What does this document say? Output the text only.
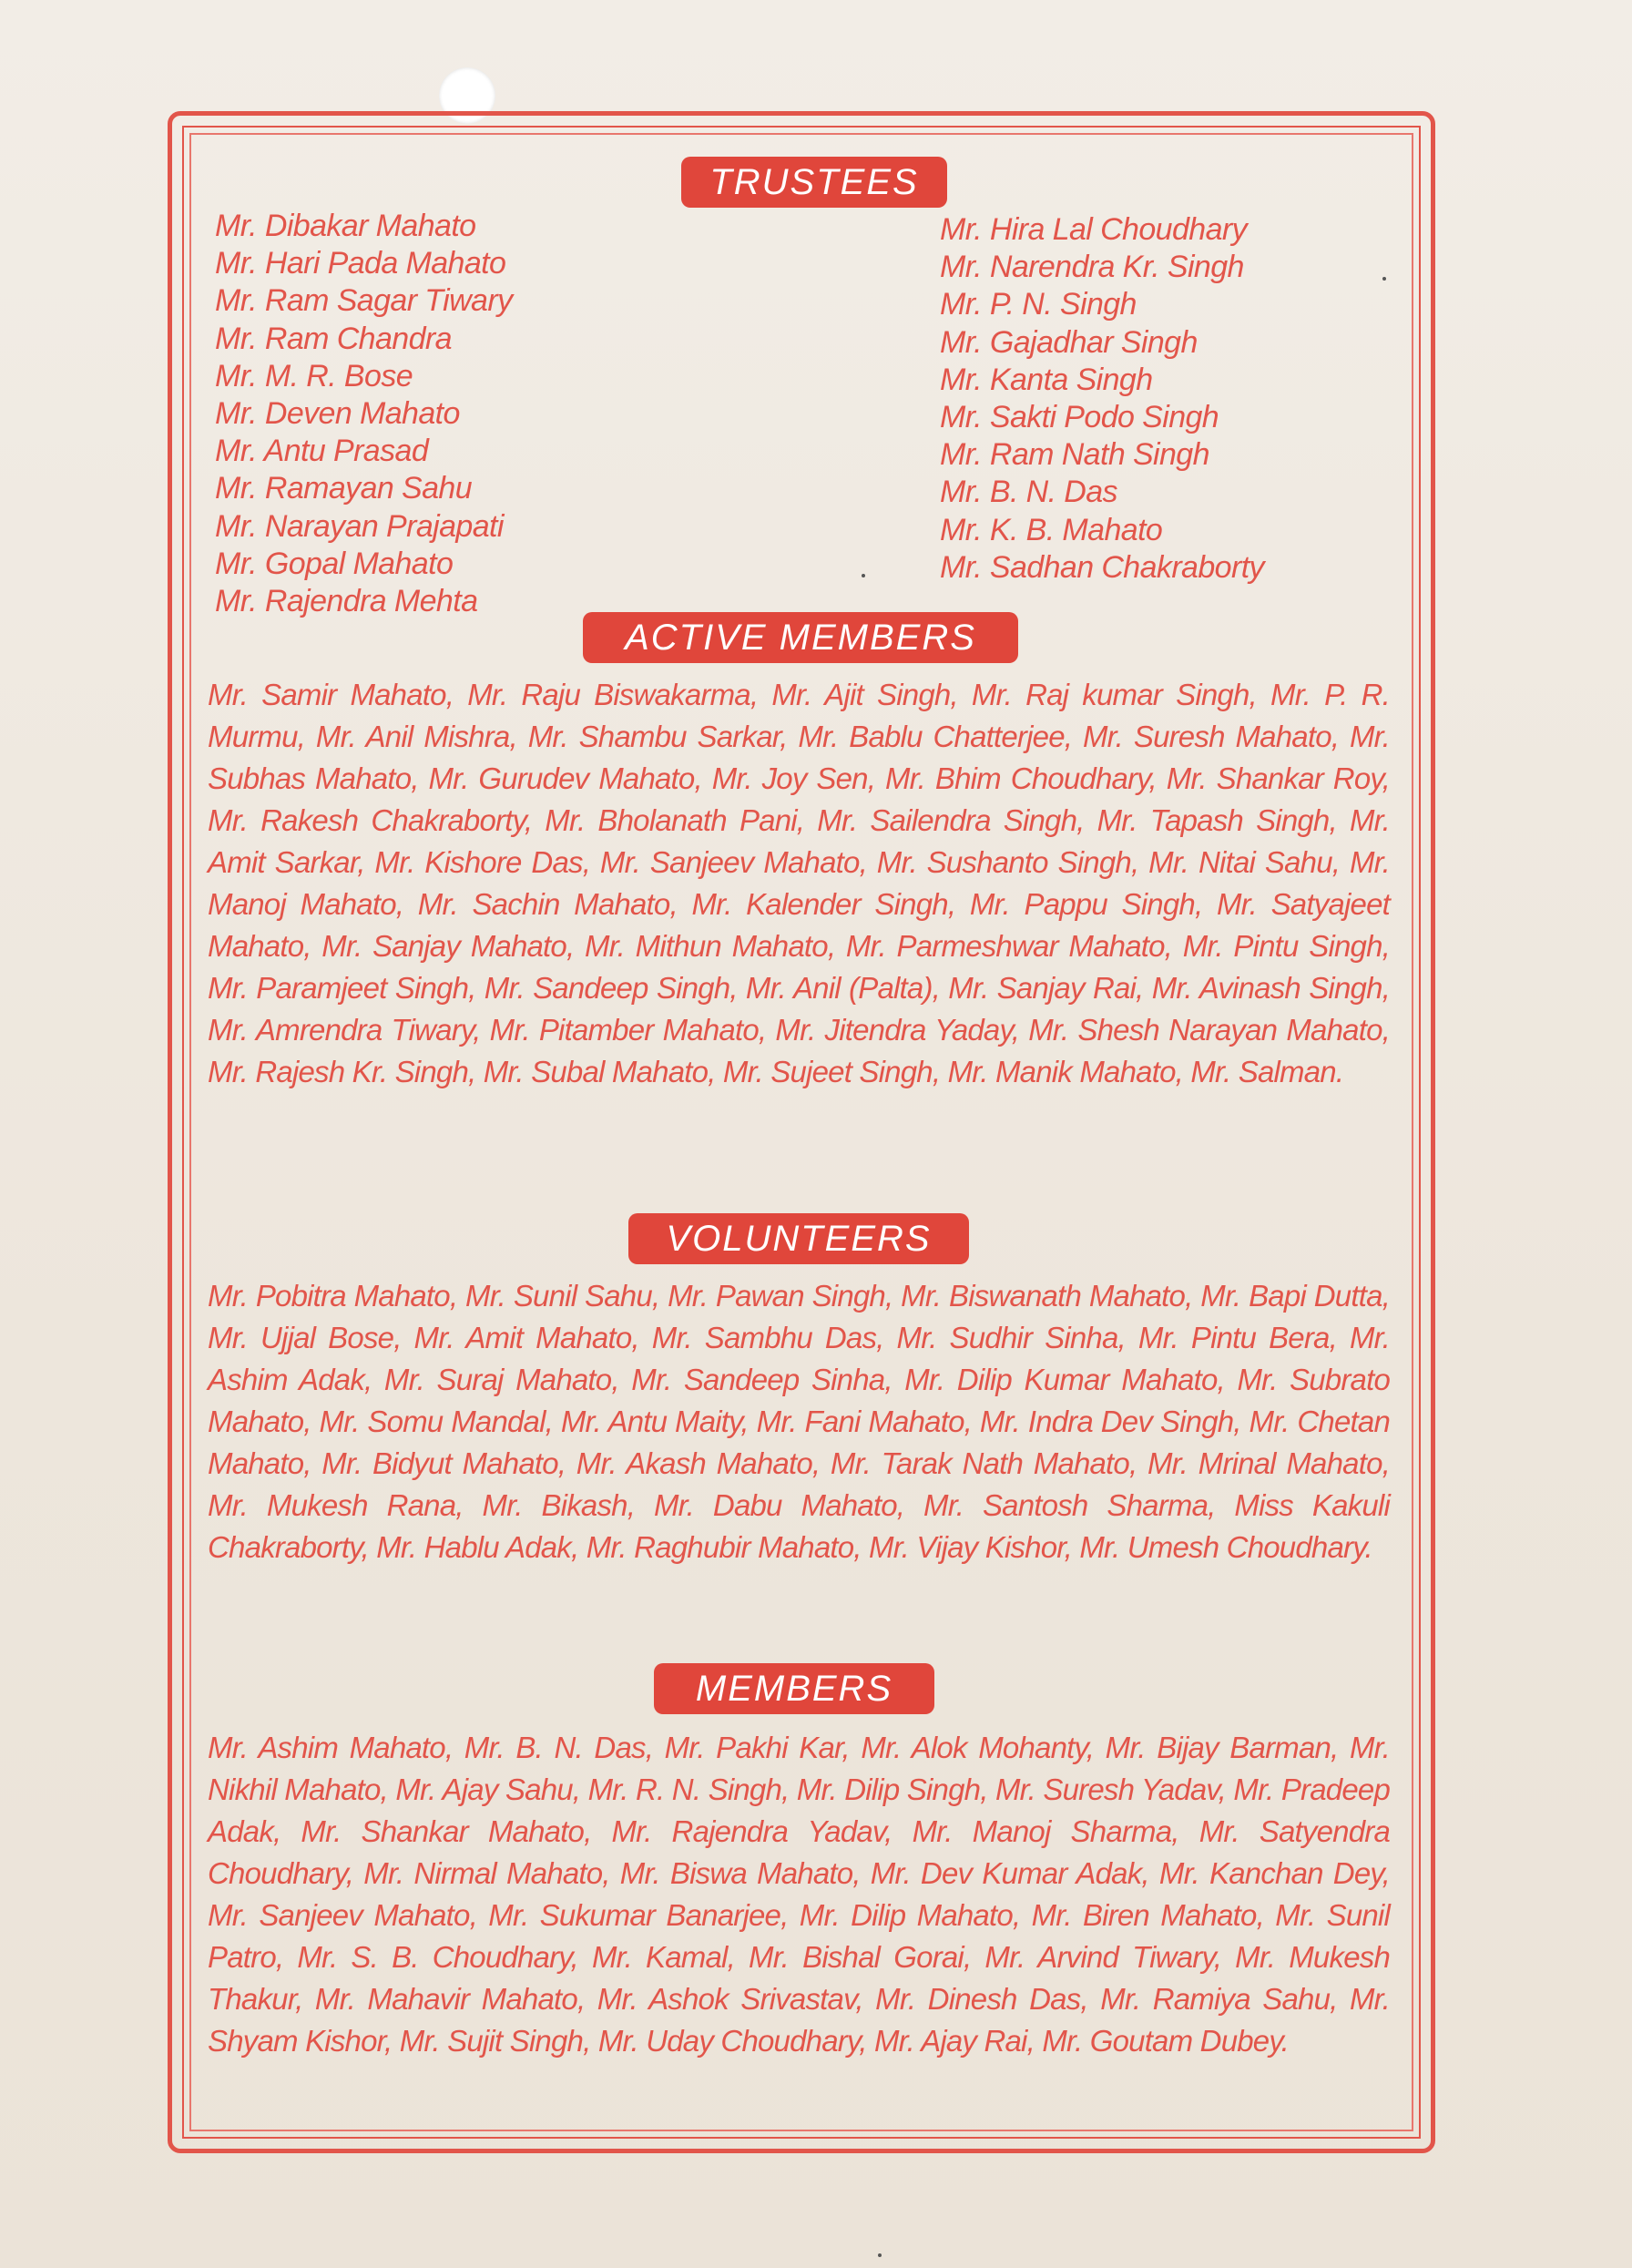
TRUSTEES
Mr. Dibakar Mahato
Mr. Hari Pada Mahato
Mr. Ram Sagar Tiwary
Mr. Ram Chandra
Mr. M. R. Bose
Mr. Deven Mahato
Mr. Antu Prasad
Mr. Ramayan Sahu
Mr. Narayan Prajapati
Mr. Gopal Mahato
Mr. Rajendra Mehta
Mr. Hira Lal Choudhary
Mr. Narendra Kr. Singh
Mr. P. N. Singh
Mr. Gajadhar Singh
Mr. Kanta Singh
Mr. Sakti Podo Singh
Mr. Ram Nath Singh
Mr. B. N. Das
Mr. K. B. Mahato
Mr. Sadhan Chakraborty
ACTIVE MEMBERS

Mr. Samir Mahato, Mr. Raju Biswakarma, Mr. Ajit Singh, Mr. Raj kumar Singh, Mr. P. R. Murmu, Mr. Anil Mishra, Mr. Shambu Sarkar, Mr. Bablu Chatterjee, Mr. Suresh Mahato, Mr. Subhas Mahato, Mr. Gurudev Mahato, Mr. Joy Sen, Mr. Bhim Choudhary, Mr. Shankar Roy, Mr. Rakesh Chakraborty, Mr. Bholanath Pani, Mr. Sailendra Singh, Mr. Tapash Singh, Mr. Amit Sarkar, Mr. Kishore Das, Mr. Sanjeev Mahato, Mr. Sushanto Singh, Mr. Nitai Sahu, Mr. Manoj Mahato, Mr. Sachin Mahato, Mr. Kalender Singh, Mr. Pappu Singh, Mr. Satyajeet Mahato, Mr. Sanjay Mahato, Mr. Mithun Mahato, Mr. Parmeshwar Mahato, Mr. Pintu Singh, Mr. Paramjeet Singh, Mr. Sandeep Singh, Mr. Anil (Palta), Mr. Sanjay Rai, Mr. Avinash Singh, Mr. Amrendra Tiwary, Mr. Pitamber Mahato, Mr. Jitendra Yaday, Mr. Shesh Narayan Mahato, Mr. Rajesh Kr. Singh, Mr. Subal Mahato, Mr. Sujeet Singh, Mr. Manik Mahato, Mr. Salman.

VOLUNTEERS

Mr. Pobitra Mahato, Mr. Sunil Sahu, Mr. Pawan Singh, Mr. Biswanath Mahato, Mr. Bapi Dutta, Mr. Ujjal Bose, Mr. Amit Mahato, Mr. Sambhu Das, Mr. Sudhir Sinha, Mr. Pintu Bera, Mr. Ashim Adak, Mr. Suraj Mahato, Mr. Sandeep Sinha, Mr. Dilip Kumar Mahato, Mr. Subrato Mahato, Mr. Somu Mandal, Mr. Antu Maity, Mr. Fani Mahato, Mr. Indra Dev Singh, Mr. Chetan Mahato, Mr. Bidyut Mahato, Mr. Akash Mahato, Mr. Tarak Nath Mahato, Mr. Mrinal Mahato, Mr. Mukesh Rana, Mr. Bikash, Mr. Dabu Mahato, Mr. Santosh Sharma, Miss Kakuli Chakraborty, Mr. Hablu Adak, Mr. Raghubir Mahato, Mr. Vijay Kishor, Mr. Umesh Choudhary.

MEMBERS

Mr. Ashim Mahato, Mr. B. N. Das, Mr. Pakhi Kar, Mr. Alok Mohanty, Mr. Bijay Barman, Mr. Nikhil Mahato, Mr. Ajay Sahu, Mr. R. N. Singh, Mr. Dilip Singh, Mr. Suresh Yadav, Mr. Pradeep Adak, Mr. Shankar Mahato, Mr. Rajendra Yadav, Mr. Manoj Sharma, Mr. Satyendra Choudhary, Mr. Nirmal Mahato, Mr. Biswa Mahato, Mr. Dev Kumar Adak, Mr. Kanchan Dey, Mr. Sanjeev Mahato, Mr. Sukumar Banarjee, Mr. Dilip Mahato, Mr. Biren Mahato, Mr. Sunil Patro, Mr. S. B. Choudhary, Mr. Kamal, Mr. Bishal Gorai, Mr. Arvind Tiwary, Mr. Mukesh Thakur, Mr. Mahavir Mahato, Mr. Ashok Srivastav, Mr. Dinesh Das, Mr. Ramiya Sahu, Mr. Shyam Kishor, Mr. Sujit Singh, Mr. Uday Choudhary, Mr. Ajay Rai, Mr. Goutam Dubey.
